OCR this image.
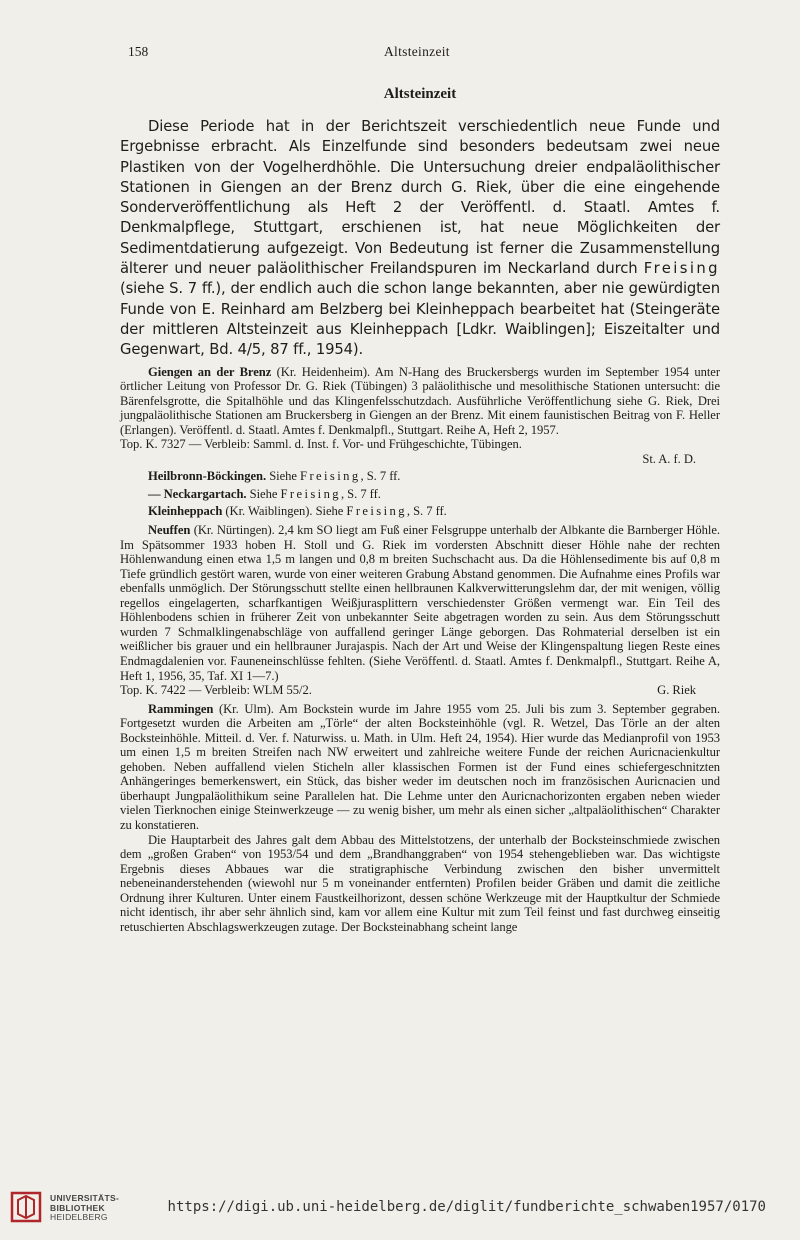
158	Altsteinzeit
Altsteinzeit

Diese Periode hat in der Berichtszeit verschiedentlich neue Funde und Ergebnisse erbracht. Als Einzelfunde sind besonders bedeutsam zwei neue Plastiken von der Vogelherdhöhle. Die Untersuchung dreier endpaläolithischer Stationen in Giengen an der Brenz durch G. Riek, über die eine eingehende Sonderveröffentlichung als Heft 2 der Veröffentl. d. Staatl. Amtes f. Denkmalpflege, Stuttgart, erschienen ist, hat neue Möglichkeiten der Sedimentdatierung aufgezeigt. Von Bedeutung ist ferner die Zusammenstellung älterer und neuer paläolithischer Freilandspuren im Neckarland durch Freising (siehe S. 7 ff.), der endlich auch die schon lange bekannten, aber nie gewürdigten Funde von E. Reinhard am Belzberg bei Kleinheppach bearbeitet hat (Steingeräte der mittleren Altsteinzeit aus Kleinheppach [Ldkr. Waiblingen]; Eiszeitalter und Gegenwart, Bd. 4/5, 87 ff., 1954).

Giengen an der Brenz (Kr. Heidenheim). Am N-Hang des Bruckersbergs wurden im September 1954 unter örtlicher Leitung von Professor Dr. G. Riek (Tübingen) 3 paläolithische und mesolithische Stationen untersucht: die Bärenfelsgrotte, die Spitalhöhle und das Klingenfelsschutzdach. Ausführliche Veröffentlichung siehe G. Riek, Drei jungpaläolithische Stationen am Bruckersberg in Giengen an der Brenz. Mit einem faunistischen Beitrag von F. Heller (Erlangen). Veröffentl. d. Staatl. Amtes f. Denkmalpfl., Stuttgart. Reihe A, Heft 2, 1957.

Top. K. 7327 — Verbleib: Samml. d. Inst. f. Vor- und Frühgeschichte, Tübingen.

St. A. f. D.

Heilbronn-Böckingen. Siehe Freising, S. 7 ff.

— Neckargartach. Siehe Freising, S. 7 ff.

Kleinheppach (Kr. Waiblingen). Siehe Freising, S. 7 ff.

Neuffen (Kr. Nürtingen). 2,4 km SO liegt am Fuß einer Felsgruppe unterhalb der Albkante die Barnberger Höhle. Im Spätsommer 1933 hoben H. Stoll und G. Riek im vordersten Abschnitt dieser Höhle nahe der rechten Höhlenwandung einen etwa 1,5 m langen und 0,8 m breiten Suchschacht aus. Da die Höhlensedimente bis auf 0,8 m Tiefe gründlich gestört waren, wurde von einer weiteren Grabung Abstand genommen. Die Aufnahme eines Profils war ebenfalls unmöglich. Der Störungsschutt stellte einen hellbraunen Kalkverwitterungslehm dar, der mit wenigen, völlig regellos eingelagerten, scharfkantigen Weißjurasplittern verschiedenster Größen vermengt war. Ein Teil des Höhlenbodens schien in früherer Zeit von unbekannter Seite abgetragen worden zu sein. Aus dem Störungsschutt wurden 7 Schmalklingenabschläge von auffallend geringer Länge geborgen. Das Rohmaterial derselben ist ein weißlicher bis grauer und ein hellbrauner Jurajaspis. Nach der Art und Weise der Klingenspaltung liegen Reste eines Endmagdalenien vor. Fauneneinschlüsse fehlten. (Siehe Veröffentl. d. Staatl. Amtes f. Denkmalpfl., Stuttgart. Reihe A, Heft 1, 1956, 35, Taf. XI 1—7.)

Top. K. 7422 — Verbleib: WLM 55/2.	G. Riek

Rammingen (Kr. Ulm). Am Bockstein wurde im Jahre 1955 vom 25. Juli bis zum 3. September gegraben. Fortgesetzt wurden die Arbeiten am „Törle“ der alten Bocksteinhöhle (vgl. R. Wetzel, Das Törle an der alten Bocksteinhöhle. Mitteil. d. Ver. f. Naturwiss. u. Math. in Ulm. Heft 24, 1954). Hier wurde das Medianprofil von 1953 um einen 1,5 m breiten Streifen nach NW erweitert und zahlreiche weitere Funde der reichen Auricnacienkultur gehoben. Neben auffallend vielen Sticheln aller klassischen Formen ist der Fund eines schiefergeschnitzten Anhängeringes bemerkenswert, ein Stück, das bisher weder im deutschen noch im französischen Auricnacien und überhaupt Jungpaläolithikum seine Parallelen hat. Die Lehme unter den Auricnachorizonten ergaben neben wieder vielen Tierknochen einige Steinwerkzeuge — zu wenig bisher, um mehr als einen sicher „altpaläolithischen“ Charakter zu konstatieren.

Die Hauptarbeit des Jahres galt dem Abbau des Mittelstotzens, der unterhalb der Bocksteinschmiede zwischen dem „großen Graben“ von 1953/54 und dem „Brandhanggraben“ von 1954 stehengeblieben war. Das wichtigste Ergebnis dieses Abbaues war die stratigraphische Verbindung zwischen den bisher unvermittelt nebeneinanderstehenden (wiewohl nur 5 m voneinander entfernten) Profilen beider Gräben und damit die zeitliche Ordnung ihrer Kulturen. Unter einem Faustkeilhorizont, dessen schöne Werkzeuge mit der Hauptkultur der Schmiede nicht identisch, ihr aber sehr ähnlich sind, kam vor allem eine Kultur mit zum Teil feinst und fast durchweg einseitig retuschierten Abschlagswerkzeugen zutage. Der Bocksteinabhang scheint lange

UNIVERSITÄTS-
BIBLIOTHEK
HEIDELBERG
https://digi.ub.uni-heidelberg.de/diglit/fundberichte_schwaben1957/0170
